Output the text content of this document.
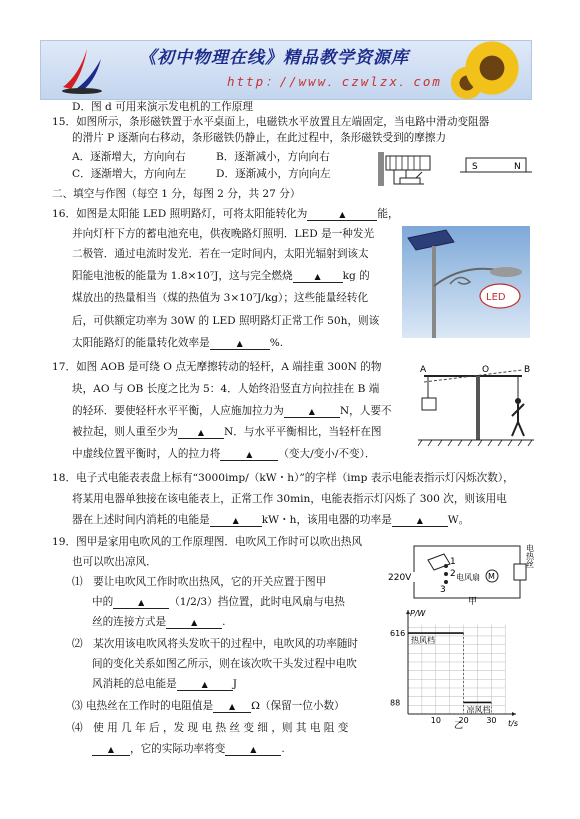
《初中物理在线》精品教学资源库
http：//www．czwlzx．com
D．图 d 可用来演示发电机的工作原理
15．如图所示，条形磁铁置于水平桌面上，电磁铁水平放置且左端固定，当电路中滑动变阻器
的滑片 P 逐渐向右移动，条形磁铁仍静止，在此过程中，条形磁铁受到的摩擦力
A．逐渐增大，方向向右	B．逐渐减小，方向向右
C．逐渐增大，方向向左	D．逐渐减小，方向向左
S	N
二、填空与作图（每空 1 分，每图 2 分，共 27 分）
16．如图是太阳能 LED 照明路灯，可将太阳能转化为	▲	能，
并向灯杆下方的蓄电池充电，供夜晚路灯照明．LED 是一种发光
二极管．通过电流时发光．若在一定时间内，太阳光辐射到该太
阳能电池板的能量为 1.8×10⁷J，这与完全燃烧	▲ kg 的
煤放出的热量相当（煤的热值为 3×10⁷J/kg）；这些能量经转化
后，可供额定功率为 30W 的 LED 照明路灯正常工作 50h，则该
太阳能路灯的能量转化效率是	▲	%.
LED
17．如图 AOB 是可绕 O 点无摩擦转动的轻杆，A 端挂重 300N 的物
块，AO 与 OB 长度之比为 5：4．人始终沿竖直方向拉挂在 B 端
的轻环．要使轻杆水平平衡，人应施加拉力为	▲ N，人要不
被拉起，则人重至少为 ▲ N．与水平平衡相比，当轻杆在图
中虚线位置平衡时，人的拉力将	▲ （变大/变小/不变）．
A	O	B
18．电子式电能表表盘上标有“3000imp/（kW・h）”的字样（imp 表示电能表指示灯闪烁次数），
将某用电器单独接在该电能表上，正常工作 30min，电能表指示灯闪烁了 300 次，则该用电
器在上述时间内消耗的电能是	▲ kW・h，该用电器的功率是	▲ W。
19．图甲是家用电吹风的工作原理图．电吹风工作时可以吹出热风
也可以吹出凉风．
⑴　要让电吹风工作时吹出热风，它的开关应置于图甲
中的	▲ （1/2/3）挡位置，此时电风扇与电热
丝的连接方式是	▲ .
⑵　某次用该电吹风将头发吹干的过程中，电吹风的功率随时
间的变化关系如图乙所示，则在该次吹干头发过程中电吹
风消耗的总电能是	▲ J
⑶ 电热丝在工作时的电阻值是 ▲ Ω（保留一位小数）
⑷　使 用 几 年 后 ，发 现 电 热 丝 变 细 ，则 其 电 阻 变
▲ ，它的实际功率将变	▲ .
220V
1
2
3
电热丝
电风扇 M
甲
10 20 30
88
616
热风档
凉风档
P/W
t/s
乙
